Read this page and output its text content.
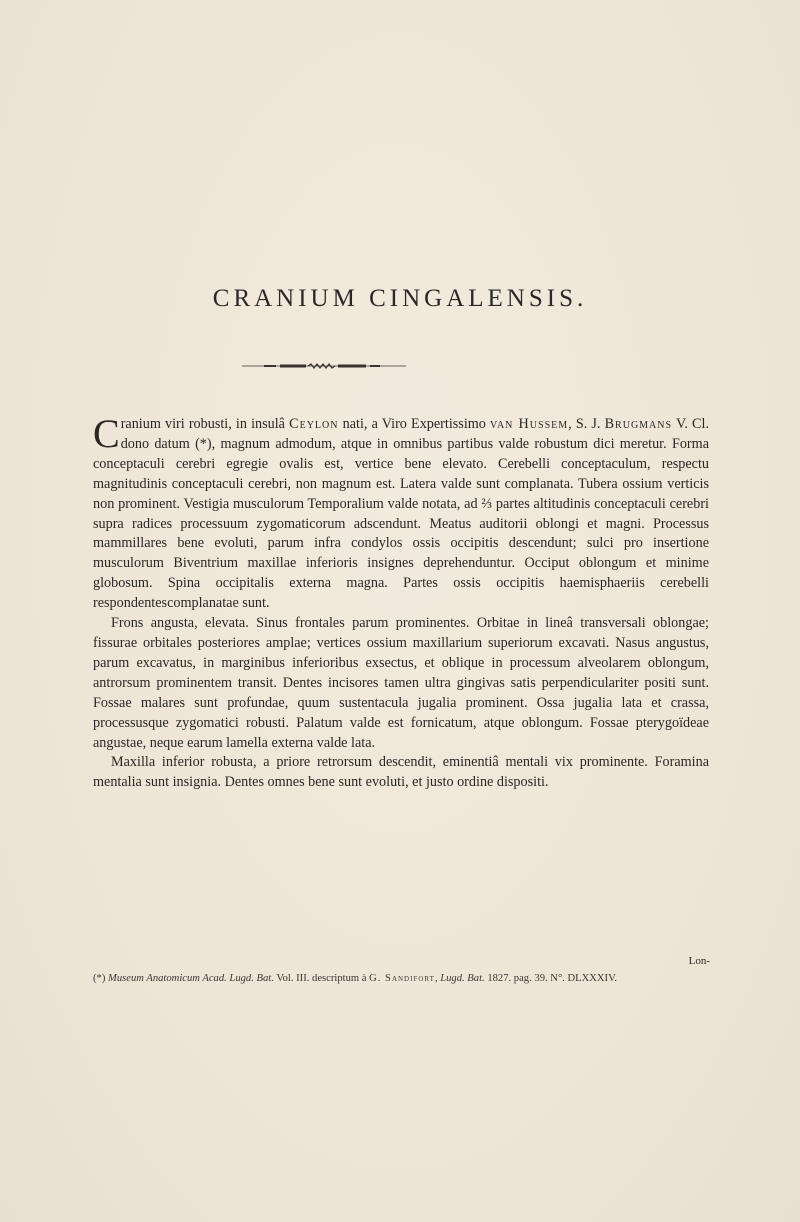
CRANIUM CINGALENSIS.

Cranium viri robusti, in insulâ Ceylon nati, a Viro Expertissimo van Hussem, S. J. Brugmans V. Cl. dono datum (*), magnum admodum, atque in omnibus partibus valde robustum dici meretur. Forma conceptaculi cerebri egregie ovalis est, vertice bene elevato. Cerebelli conceptaculum, respectu magnitudinis conceptaculi cerebri, non magnum est. Latera valde sunt complanata. Tubera ossium verticis non prominent. Vestigia musculorum Temporalium valde notata, ad ⅔ partes altitudinis conceptaculi cerebri supra radices processuum zygomaticorum adscendunt. Meatus auditorii oblongi et magni. Processus mammillares bene evoluti, parum infra condylos ossis occipitis descendunt; sulci pro insertione musculorum Biventrium maxillae inferioris insignes deprehenduntur. Occiput oblongum et minime globosum. Spina occipitalis externa magna. Partes ossis occipitis haemisphaeriis cerebelli respondentescomplanatae sunt.

Frons angusta, elevata. Sinus frontales parum prominentes. Orbitae in lineâ transversali oblongae; fissurae orbitales posteriores amplae; vertices ossium maxillarium superiorum excavati. Nasus angustus, parum excavatus, in marginibus inferioribus exsectus, et oblique in processum alveolarem oblongum, antrorsum prominentem transit. Dentes incisores tamen ultra gingivas satis perpendiculariter positi sunt. Fossae malares sunt profundae, quum sustentacula jugalia prominent. Ossa jugalia lata et crassa, processusque zygomatici robusti. Palatum valde est fornicatum, atque oblongum. Fossae pterygoïdeae angustae, neque earum lamella externa valde lata.

Maxilla inferior robusta, a priore retrorsum descendit, eminentiâ mentali vix prominente. Foramina mentalia sunt insignia. Dentes omnes bene sunt evoluti, et justo ordine dispositi.

Lon-
(*) Museum Anatomicum Acad. Lugd. Bat. Vol. III. descriptum à G. Sandifort, Lugd. Bat. 1827. pag. 39. N°. DLXXXIV.
